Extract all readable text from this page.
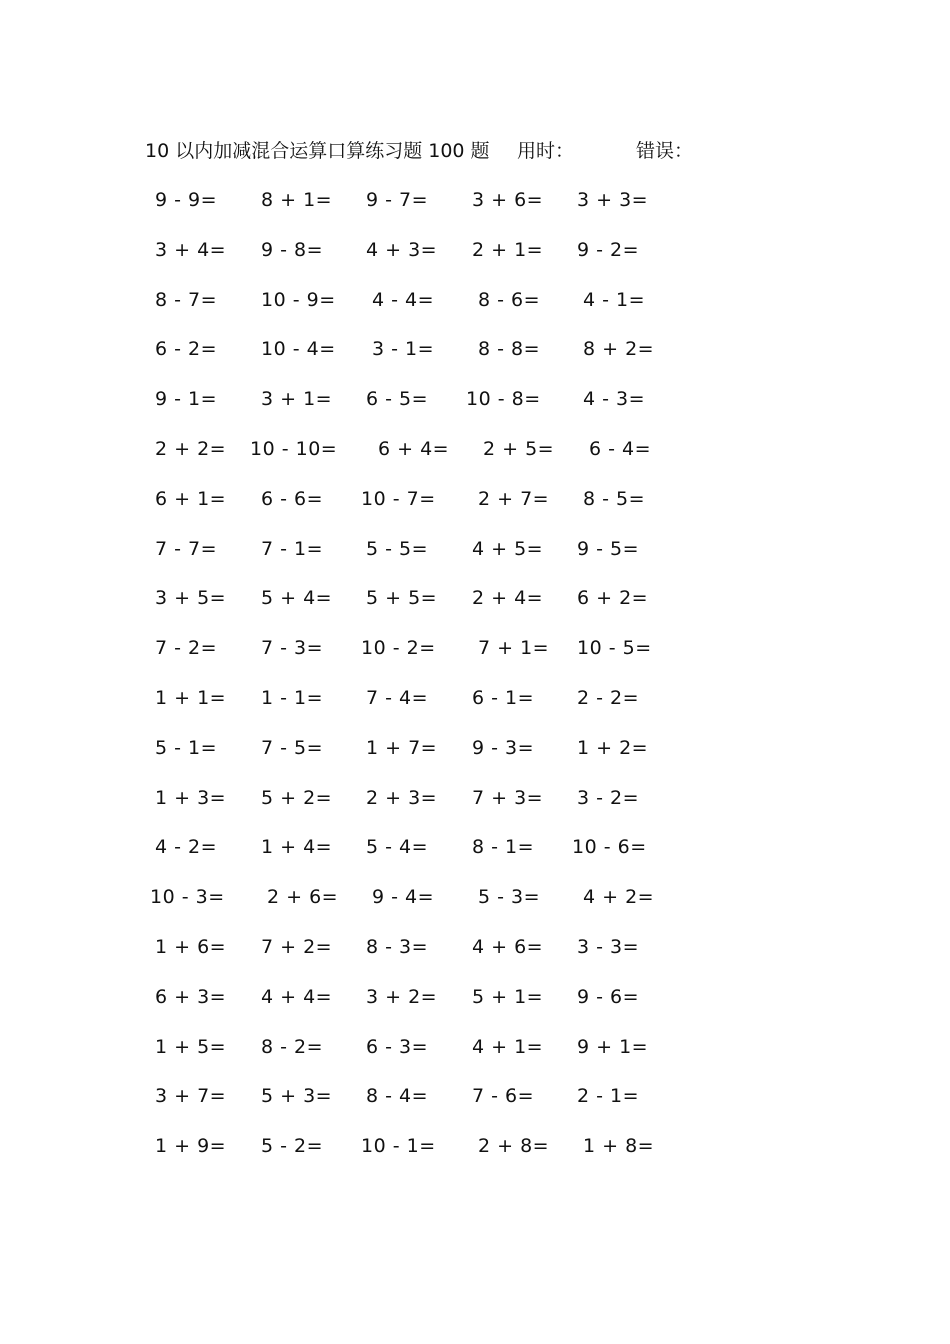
10 以内加减混合运算口算练习题 100 题 用时：	错误：
9 - 9= 8 + 1= 9 - 7= 3 + 6= 3 + 3=
3 + 4= 9 - 8= 4 + 3= 2 + 1= 9 - 2=
8 - 7= 10 - 9= 4 - 4= 8 - 6= 4 - 1=
6 - 2= 10 - 4= 3 - 1= 8 - 8= 8 + 2=
9 - 1= 3 + 1= 6 - 5= 10 - 8= 4 - 3=
2 + 2= 10 - 10= 6 + 4= 2 + 5= 6 - 4=
6 + 1= 6 - 6= 10 - 7= 2 + 7= 8 - 5=
7 - 7= 7 - 1= 5 - 5= 4 + 5= 9 - 5=
3 + 5= 5 + 4= 5 + 5= 2 + 4= 6 + 2=
7 - 2= 7 - 3= 10 - 2= 7 + 1= 10 - 5=
1 + 1= 1 - 1= 7 - 4= 6 - 1= 2 - 2=
5 - 1= 7 - 5= 1 + 7= 9 - 3= 1 + 2=
1 + 3= 5 + 2= 2 + 3= 7 + 3= 3 - 2=
4 - 2= 1 + 4= 5 - 4= 8 - 1= 10 - 6=
10 - 3= 2 + 6= 9 - 4= 5 - 3= 4 + 2=
1 + 6= 7 + 2= 8 - 3= 4 + 6= 3 - 3=
6 + 3= 4 + 4= 3 + 2= 5 + 1= 9 - 6=
1 + 5= 8 - 2= 6 - 3= 4 + 1= 9 + 1=
3 + 7= 5 + 3= 8 - 4= 7 - 6= 2 - 1=
1 + 9= 5 - 2= 10 - 1= 2 + 8= 1 + 8=
